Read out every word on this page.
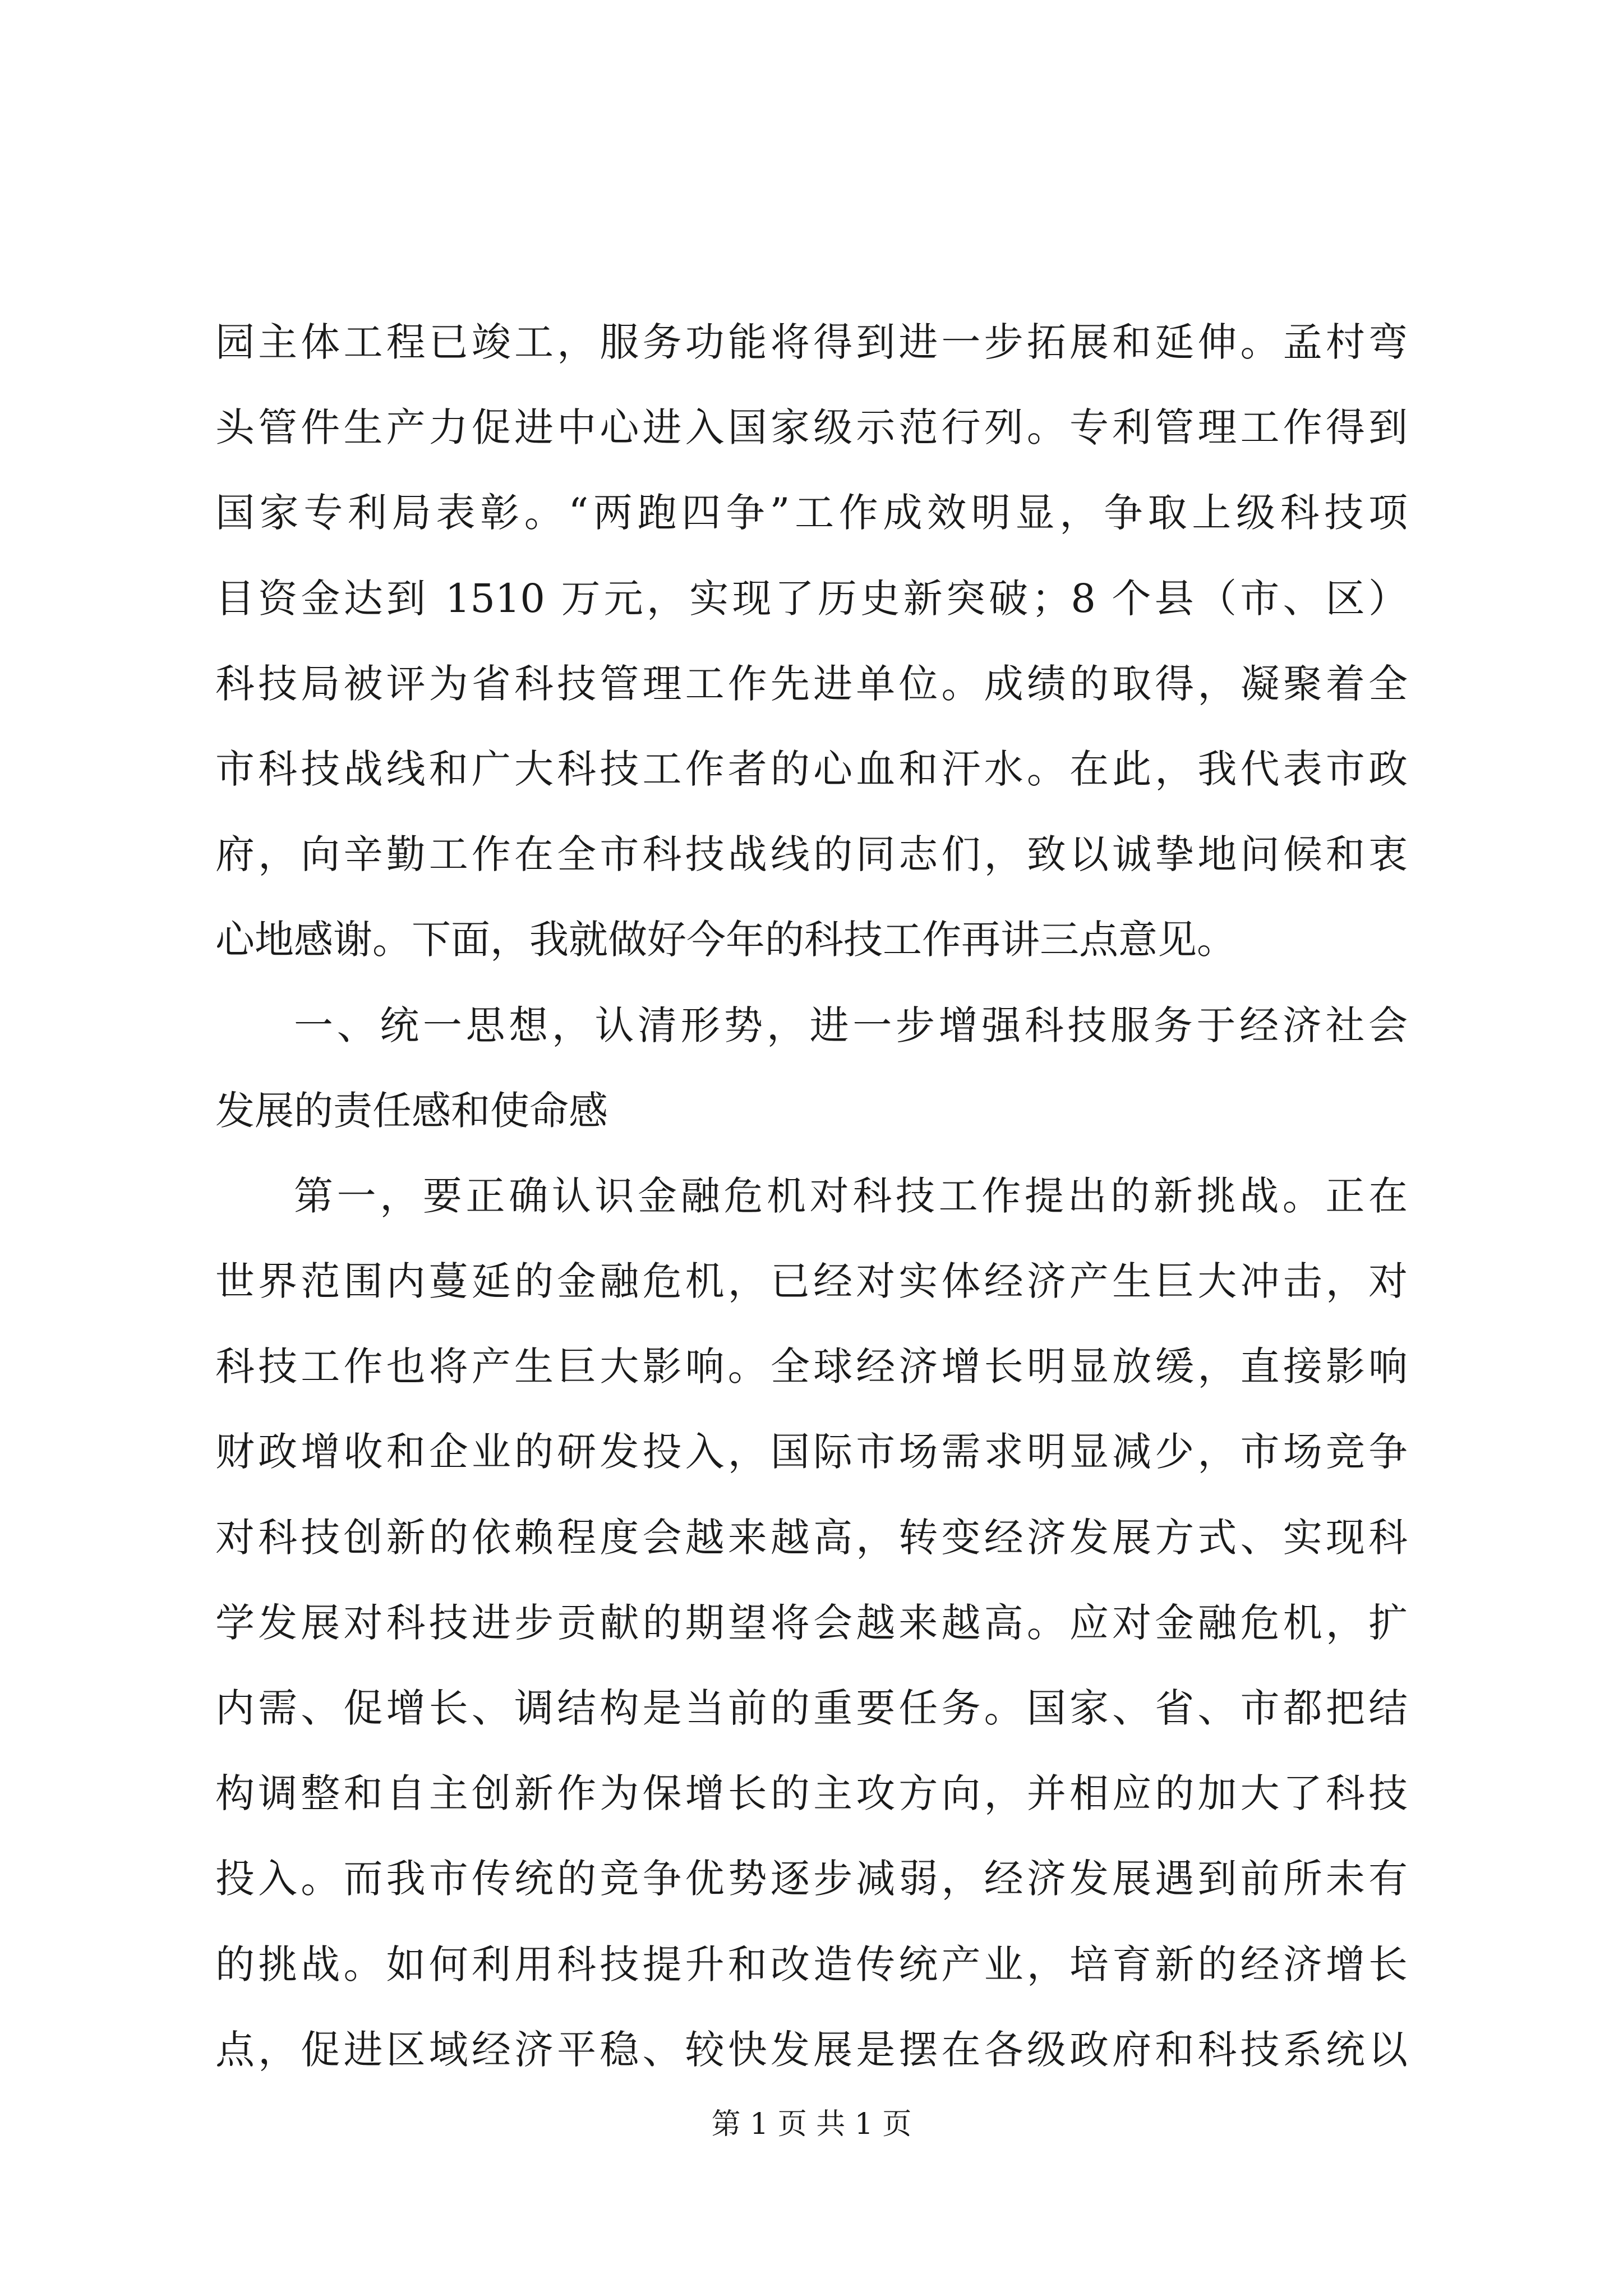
园主体工程已竣工，服务功能将得到进一步拓展和延伸。孟村弯
头管件生产力促进中心进入国家级示范行列。专利管理工作得到
国家专利局表彰。“两跑四争”工作成效明显，争取上级科技项
目资金达到 1510 万元，实现了历史新突破；8 个县（市、区）
科技局被评为省科技管理工作先进单位。成绩的取得，凝聚着全
市科技战线和广大科技工作者的心血和汗水。在此，我代表市政
府，向辛勤工作在全市科技战线的同志们，致以诚挚地问候和衷
心地感谢。下面，我就做好今年的科技工作再讲三点意见。
一、统一思想，认清形势，进一步增强科技服务于经济社会
发展的责任感和使命感
第一，要正确认识金融危机对科技工作提出的新挑战。正在
世界范围内蔓延的金融危机，已经对实体经济产生巨大冲击，对
科技工作也将产生巨大影响。全球经济增长明显放缓，直接影响
财政增收和企业的研发投入，国际市场需求明显减少，市场竞争
对科技创新的依赖程度会越来越高，转变经济发展方式、实现科
学发展对科技进步贡献的期望将会越来越高。应对金融危机，扩
内需、促增长、调结构是当前的重要任务。国家、省、市都把结
构调整和自主创新作为保增长的主攻方向，并相应的加大了科技
投入。而我市传统的竞争优势逐步减弱，经济发展遇到前所未有
的挑战。如何利用科技提升和改造传统产业，培育新的经济增长
点，促进区域经济平稳、较快发展是摆在各级政府和科技系统以
第 1 页 共 1 页
